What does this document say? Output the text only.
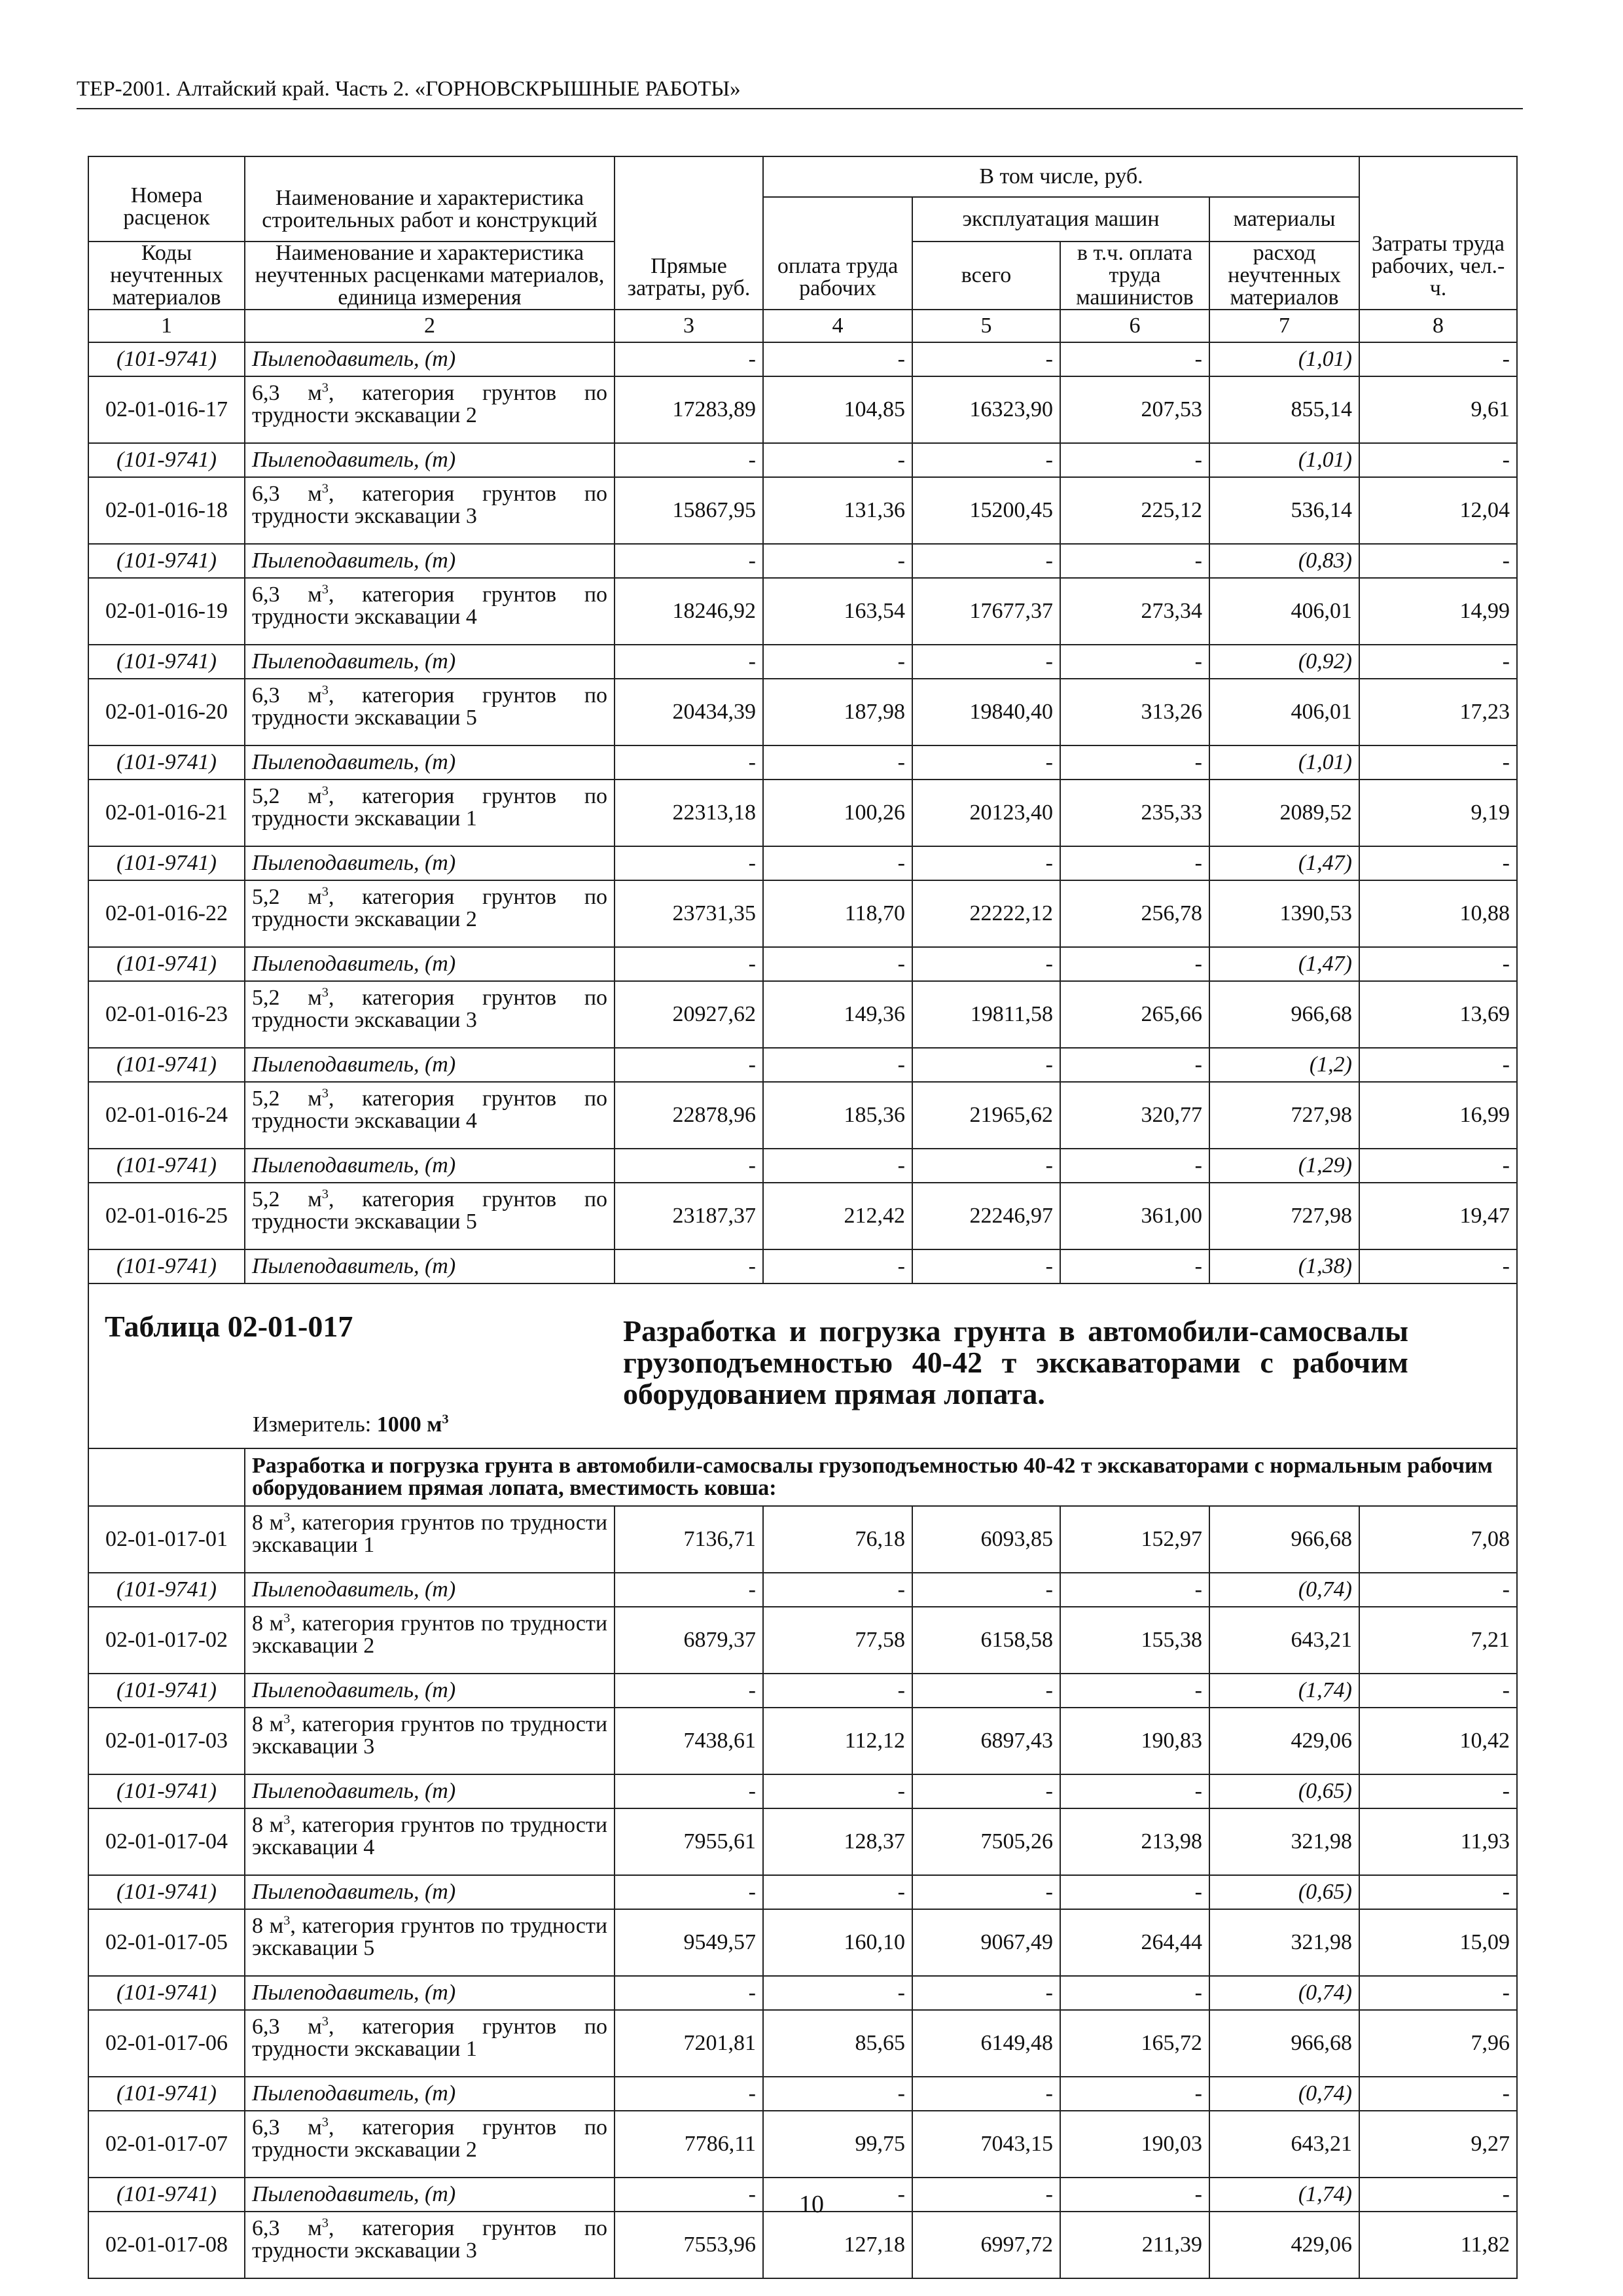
ТЕР-2001. Алтайский край. Часть 2. «ГОРНОВСКРЫШНЫЕ РАБОТЫ»
Номера расценок	Наименование и характеристика строительных работ и конструкций	Прямые затраты, руб.	В том числе, руб.				Затраты труда рабочих, чел.-ч.
			оплата труда рабочих	эксплуатация машин		материалы	
Коды неучтенных материалов	Наименование и характеристика неучтенных расценками материалов, единица измерения			всего	в т.ч. оплата труда машинистов	расход неучтенных материалов	

1	2	3	4	5	6	7	8
(101-9741)	Пылеподавитель, (т)	-	-	-	-	(1,01)	-
02-01-016-17	6,3 $м^3$, категория грунтов по трудности экскавации 2	17283,89	104,85	16323,90	207,53	855,14	9,61
(101-9741)	Пылеподавитель, (т)	-	-	-	-	(1,01)	-
02-01-016-18	6,3 $м^3$, категория грунтов по трудности экскавации 3	15867,95	131,36	15200,45	225,12	536,14	12,04
(101-9741)	Пылеподавитель, (т)	-	-	-	-	(0,83)	-
02-01-016-19	6,3 $м^3$, категория грунтов по трудности экскавации 4	18246,92	163,54	17677,37	273,34	406,01	14,99
(101-9741)	Пылеподавитель, (т)	-	-	-	-	(0,92)	-
02-01-016-20	6,3 $м^3$, категория грунтов по трудности экскавации 5	20434,39	187,98	19840,40	313,26	406,01	17,23
(101-9741)	Пылеподавитель, (т)	-	-	-	-	(1,01)	-
02-01-016-21	5,2 $м^3$, категория грунтов по трудности экскавации 1	22313,18	100,26	20123,40	235,33	2089,52	9,19
(101-9741)	Пылеподавитель, (т)	-	-	-	-	(1,47)	-
02-01-016-22	5,2 $м^3$, категория грунтов по трудности экскавации 2	23731,35	118,70	22222,12	256,78	1390,53	10,88
(101-9741)	Пылеподавитель, (т)	-	-	-	-	(1,47)	-
02-01-016-23	5,2 $м^3$, категория грунтов по трудности экскавации 3	20927,62	149,36	19811,58	265,66	966,68	13,69
(101-9741)	Пылеподавитель, (т)	-	-	-	-	(1,2)	-
02-01-016-24	5,2 $м^3$, категория грунтов по трудности экскавации 4	22878,96	185,36	21965,62	320,77	727,98	16,99
(101-9741)	Пылеподавитель, (т)	-	-	-	-	(1,29)	-
02-01-016-25	5,2 $м^3$, категория грунтов по трудности экскавации 5	23187,37	212,42	22246,97	361,00	727,98	19,47
(101-9741)	Пылеподавитель, (т)	-	-	-	-	(1,38)	-

Таблица 02-01-017 Разработка и погрузка грунта в автомобили-самосвалы грузоподъемностью 40-42 т экскаваторами с рабочим оборудованием прямая лопата.
Измеритель: 1000 $м^3$

	Разработка и погрузка грунта в автомобили-самосвалы грузоподъемностью 40-42 т экскаваторами с нормальным рабочим оборудованием прямая лопата, вместимость ковша:						
02-01-017-01	8 $м^3$, категория грунтов по трудности экскавации 1	7136,71	76,18	6093,85	152,97	966,68	7,08
(101-9741)	Пылеподавитель, (т)	-	-	-	-	(0,74)	-
02-01-017-02	8 $м^3$, категория грунтов по трудности экскавации 2	6879,37	77,58	6158,58	155,38	643,21	7,21
(101-9741)	Пылеподавитель, (т)	-	-	-	-	(1,74)	-
02-01-017-03	8 $м^3$, категория грунтов по трудности экскавации 3	7438,61	112,12	6897,43	190,83	429,06	10,42
(101-9741)	Пылеподавитель, (т)	-	-	-	-	(0,65)	-
02-01-017-04	8 $м^3$, категория грунтов по трудности экскавации 4	7955,61	128,37	7505,26	213,98	321,98	11,93
(101-9741)	Пылеподавитель, (т)	-	-	-	-	(0,65)	-
02-01-017-05	8 $м^3$, категория грунтов по трудности экскавации 5	9549,57	160,10	9067,49	264,44	321,98	15,09
(101-9741)	Пылеподавитель, (т)	-	-	-	-	(0,74)	-
02-01-017-06	6,3 $м^3$, категория грунтов по трудности экскавации 1	7201,81	85,65	6149,48	165,72	966,68	7,96
(101-9741)	Пылеподавитель, (т)	-	-	-	-	(0,74)	-
02-01-017-07	6,3 $м^3$, категория грунтов по трудности экскавации 2	7786,11	99,75	7043,15	190,03	643,21	9,27
(101-9741)	Пылеподавитель, (т)	-	-	-	-	(1,74)	-
02-01-017-08	6,3 $м^3$, категория грунтов по трудности экскавации 3	7553,96	127,18	6997,72	211,39	429,06	11,82
10
